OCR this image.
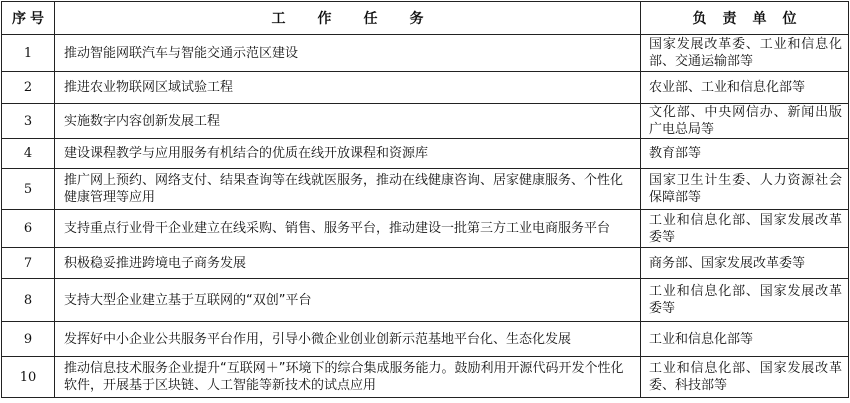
序号	工作任务	负责单位
1	推动智能网联汽车与智能交通示范区建设	国家发展改革委、工业和信息化部、交通运输部等
2	推进农业物联网区域试验工程	农业部、工业和信息化部等
3	实施数字内容创新发展工程	文化部、中央网信办、新闻出版广电总局等
4	建设课程教学与应用服务有机结合的优质在线开放课程和资源库	教育部等
5	推广网上预约、网络支付、结果查询等在线就医服务，推动在线健康咨询、居家健康服务、个性化健康管理等应用	国家卫生计生委、人力资源社会保障部等
6	支持重点行业骨干企业建立在线采购、销售、服务平台，推动建设一批第三方工业电商服务平台	工业和信息化部、国家发展改革委等
7	积极稳妥推进跨境电子商务发展	商务部、国家发展改革委等
8	支持大型企业建立基于互联网的“双创”平台	工业和信息化部、国家发展改革委等
9	发挥好中小企业公共服务平台作用，引导小微企业创业创新示范基地平台化、生态化发展	工业和信息化部等
10	推动信息技术服务企业提升“互联网＋”环境下的综合集成服务能力。鼓励利用开源代码开发个性化软件，开展基于区块链、人工智能等新技术的试点应用	工业和信息化部、国家发展改革委、科技部等
